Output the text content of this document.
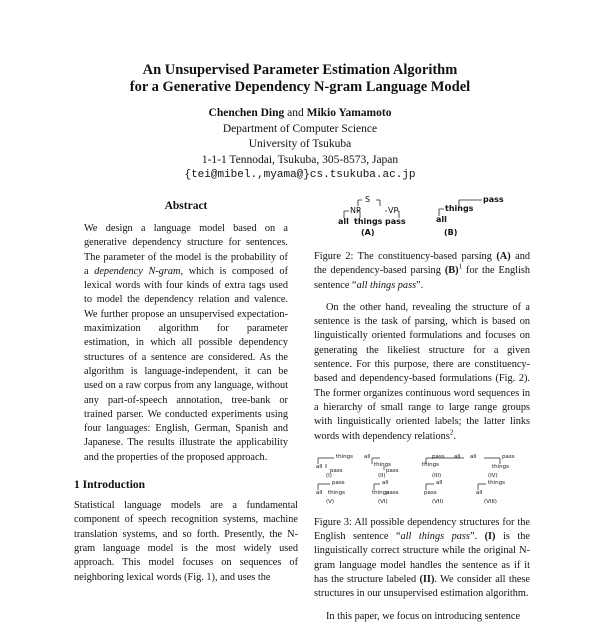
An Unsupervised Parameter Estimation Algorithm
for a Generative Dependency N-gram Language Model
Chenchen Ding and Mikio Yamamoto
Department of Computer Science
University of Tsukuba
1-1-1 Tennodai, Tsukuba, 305-8573, Japan
{tei@mibel.,myama@}cs.tsukuba.ac.jp
Abstract

We design a language model based on a generative dependency structure for sentences. The parameter of the model is the probability of a dependency N-gram, which is composed of lexical words with four kinds of extra tags used to model the dependency relation and valence. We further propose an unsupervised expectation-maximization algorithm for parameter estimation, in which all possible dependency structures of a sentence are considered. As the algorithm is language-independent, it can be used on a raw corpus from any language, without any part-of-speech annotation, tree-bank or trained parser. We conducted experiments using four languages: English, German, Spanish and Japanese. The results illustrate the applicability and the properties of the proposed approach.

1 Introduction

Statistical language models are a fundamental component of speech recognition systems, machine translation systems, and so forth. Presently, the N-gram language model is the most widely used approach. This model focuses on sequences of neighboring lexical words (Fig. 1), and uses the

S
NP	VP
all things pass
pass
things
all
(A)	(B)

Figure 2: The constituency-based parsing (A) and the dependency-based parsing $(B)^1$ for the English sentence “all things pass”.

On the other hand, revealing the structure of a sentence is the task of parsing, which is based on linguistically oriented formulations and focuses on generating the likeliest structure for a given sentence. For this purpose, there are constituency-based and dependency-based formulations (Fig. 2). The former organizes continuous word sequences in a hierarchy of small range to large range groups with linguistically oriented labels; the latter links words with dependency relations$^2$.

things
all
pass
all
things
pass
pass
things
all all	pass
things
(I)	(II)	(III)	(IV)
pass
all things
all
things
pass
all
pass
things
all
(V)	(VI)	(VII)	(VIII)

Figure 3: All possible dependency structures for the English sentence “all things pass”. (I) is the linguistically correct structure while the original N-gram language model handles the sentence as if it has the structure labeled (II). We consider all these structures in our unsupervised estimation algorithm.

In this paper, we focus on introducing sentence
